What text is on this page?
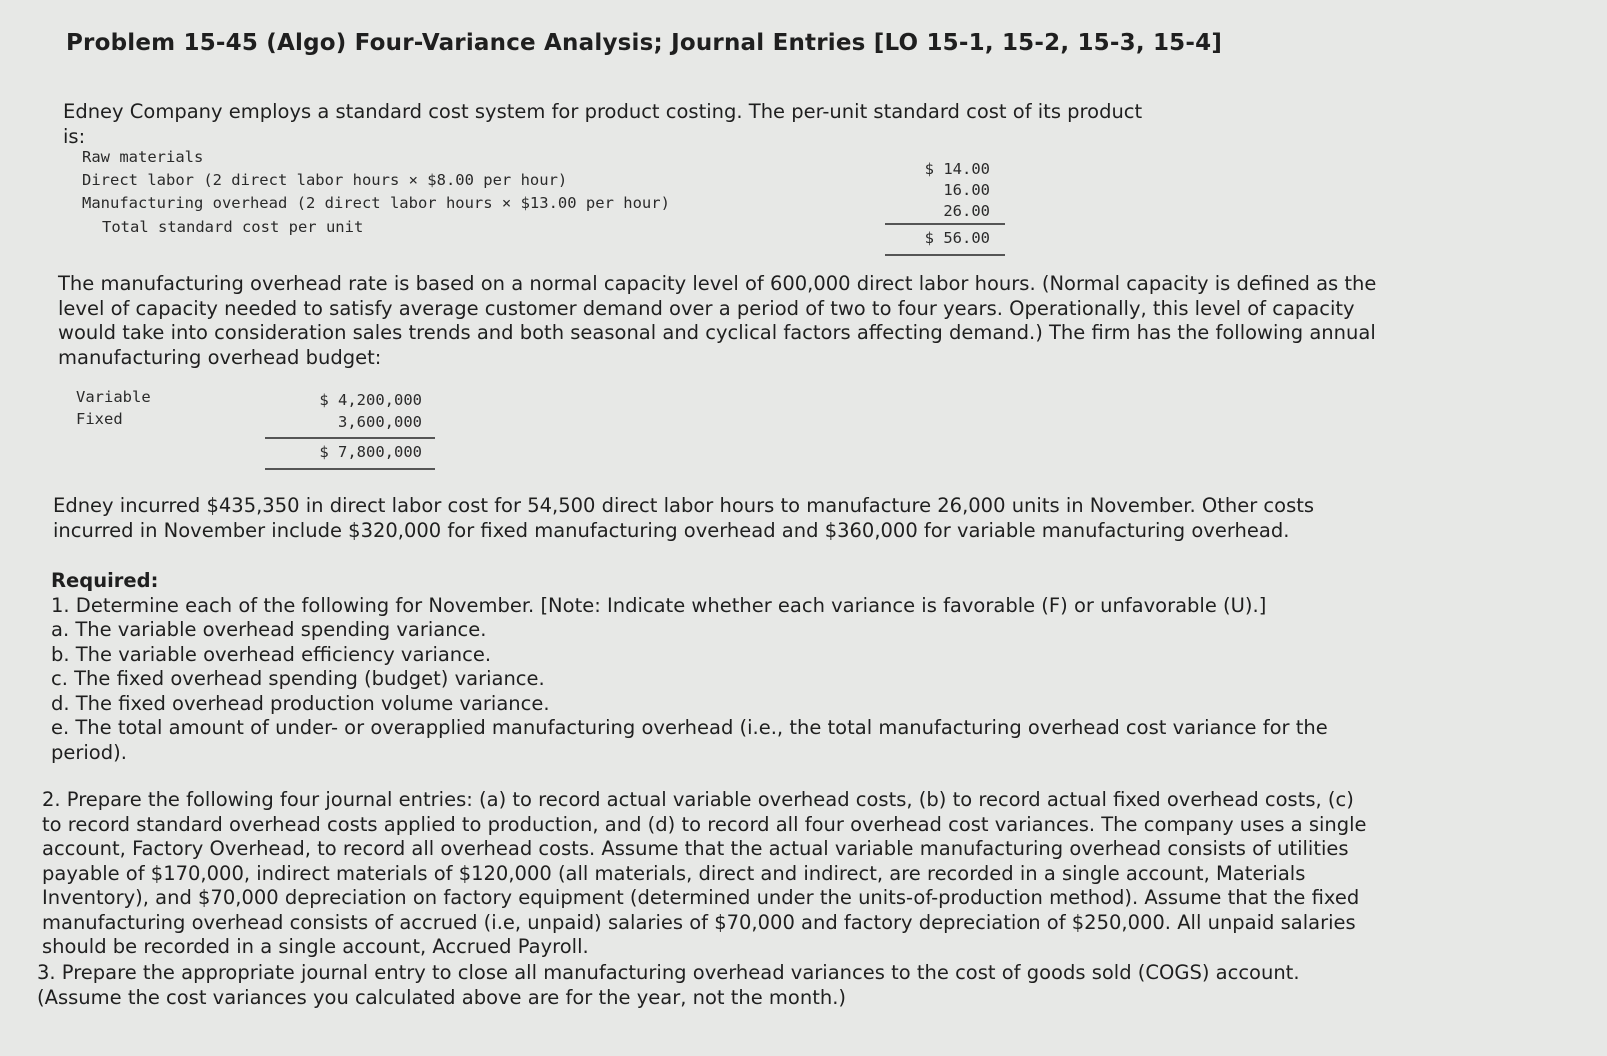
Problem 15-45 (Algo) Four-Variance Analysis; Journal Entries [LO 15-1, 15-2, 15-3, 15-4]

Edney Company employs a standard cost system for product costing. The per-unit standard cost of its product is:

Raw materials
Direct labor (2 direct labor hours × $8.00 per hour)
Manufacturing overhead (2 direct labor hours × $13.00 per hour)
Total standard cost per unit
$ 14.00
16.00
26.00
$ 56.00

The manufacturing overhead rate is based on a normal capacity level of 600,000 direct labor hours. (Normal capacity is defined as the level of capacity needed to satisfy average customer demand over a period of two to four years. Operationally, this level of capacity would take into consideration sales trends and both seasonal and cyclical factors affecting demand.) The firm has the following annual manufacturing overhead budget:

Variable
Fixed
$ 4,200,000
3,600,000
$ 7,800,000

Edney incurred $435,350 in direct labor cost for 54,500 direct labor hours to manufacture 26,000 units in November. Other costs incurred in November include $320,000 for fixed manufacturing overhead and $360,000 for variable manufacturing overhead.

Required:
1. Determine each of the following for November. [Note: Indicate whether each variance is favorable (F) or unfavorable (U).]
a. The variable overhead spending variance.
b. The variable overhead efficiency variance.
c. The fixed overhead spending (budget) variance.
d. The fixed overhead production volume variance.
e. The total amount of under- or overapplied manufacturing overhead (i.e., the total manufacturing overhead cost variance for the period).

2. Prepare the following four journal entries: (a) to record actual variable overhead costs, (b) to record actual fixed overhead costs, (c) to record standard overhead costs applied to production, and (d) to record all four overhead cost variances. The company uses a single account, Factory Overhead, to record all overhead costs. Assume that the actual variable manufacturing overhead consists of utilities payable of $170,000, indirect materials of $120,000 (all materials, direct and indirect, are recorded in a single account, Materials Inventory), and $70,000 depreciation on factory equipment (determined under the units-of-production method). Assume that the fixed manufacturing overhead consists of accrued (i.e, unpaid) salaries of $70,000 and factory depreciation of $250,000. All unpaid salaries should be recorded in a single account, Accrued Payroll.

3. Prepare the appropriate journal entry to close all manufacturing overhead variances to the cost of goods sold (COGS) account. (Assume the cost variances you calculated above are for the year, not the month.)
